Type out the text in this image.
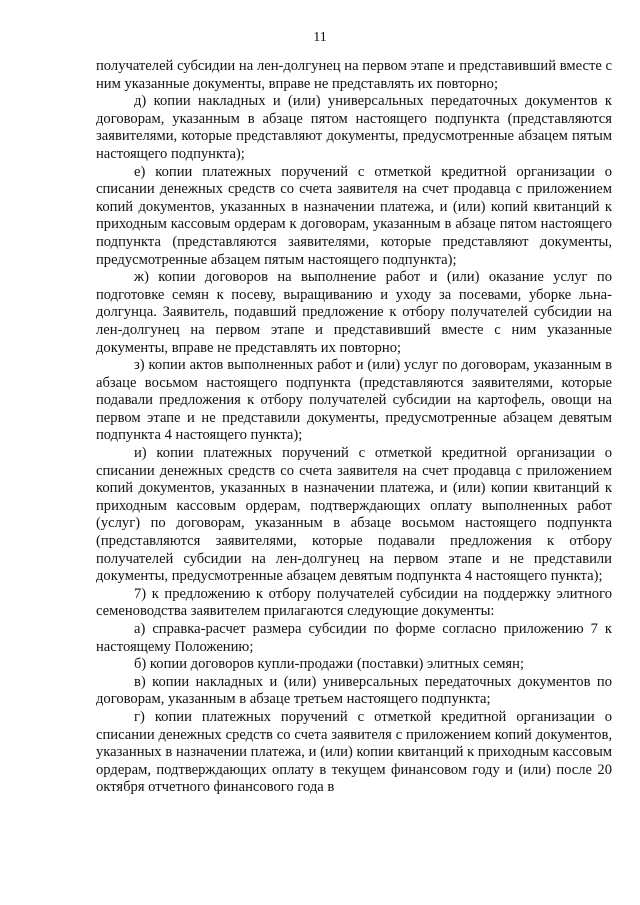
11

получателей субсидии на лен-долгунец на первом этапе и представивший вместе с ним указанные документы, вправе не представлять их повторно;

д) копии накладных и (или) универсальных передаточных документов к договорам, указанным в абзаце пятом настоящего подпункта (представляются заявителями, которые представляют документы, предусмотренные абзацем пятым настоящего подпункта);

е) копии платежных поручений с отметкой кредитной организации о списании денежных средств со счета заявителя на счет продавца с приложением копий документов, указанных в назначении платежа, и (или) копий квитанций к приходным кассовым ордерам к договорам, указанным в абзаце пятом настоящего подпункта (представляются заявителями, которые представляют документы, предусмотренные абзацем пятым настоящего подпункта);

ж) копии договоров на выполнение работ и (или) оказание услуг по подготовке семян к посеву, выращиванию и уходу за посевами, уборке льна-долгунца. Заявитель, подавший предложение к отбору получателей субсидии на лен-долгунец на первом этапе и представивший вместе с ним указанные документы, вправе не представлять их повторно;

з) копии актов выполненных работ и (или) услуг по договорам, указанным в абзаце восьмом настоящего подпункта (представляются заявителями, которые подавали предложения к отбору получателей субсидии на картофель, овощи на первом этапе и не представили документы, предусмотренные абзацем девятым подпункта 4 настоящего пункта);

и) копии платежных поручений с отметкой кредитной организации о списании денежных средств со счета заявителя на счет продавца с приложением копий документов, указанных в назначении платежа, и (или) копии квитанций к приходным кассовым ордерам, подтверждающих оплату выполненных работ (услуг) по договорам, указанным в абзаце восьмом настоящего подпункта (представляются заявителями, которые подавали предложения к отбору получателей субсидии на лен-долгунец на первом этапе и не представили документы, предусмотренные абзацем девятым подпункта 4 настоящего пункта);

7) к предложению к отбору получателей субсидии на поддержку элитного семеноводства заявителем прилагаются следующие документы:

а) справка-расчет размера субсидии по форме согласно приложению 7 к настоящему Положению;

б) копии договоров купли-продажи (поставки) элитных семян;

в) копии накладных и (или) универсальных передаточных документов по договорам, указанным в абзаце третьем настоящего подпункта;

г) копии платежных поручений с отметкой кредитной организации о списании денежных средств со счета заявителя с приложением копий документов, указанных в назначении платежа, и (или) копии квитанций к приходным кассовым ордерам, подтверждающих оплату в текущем финансовом году и (или) после 20 октября отчетного финансового года в
